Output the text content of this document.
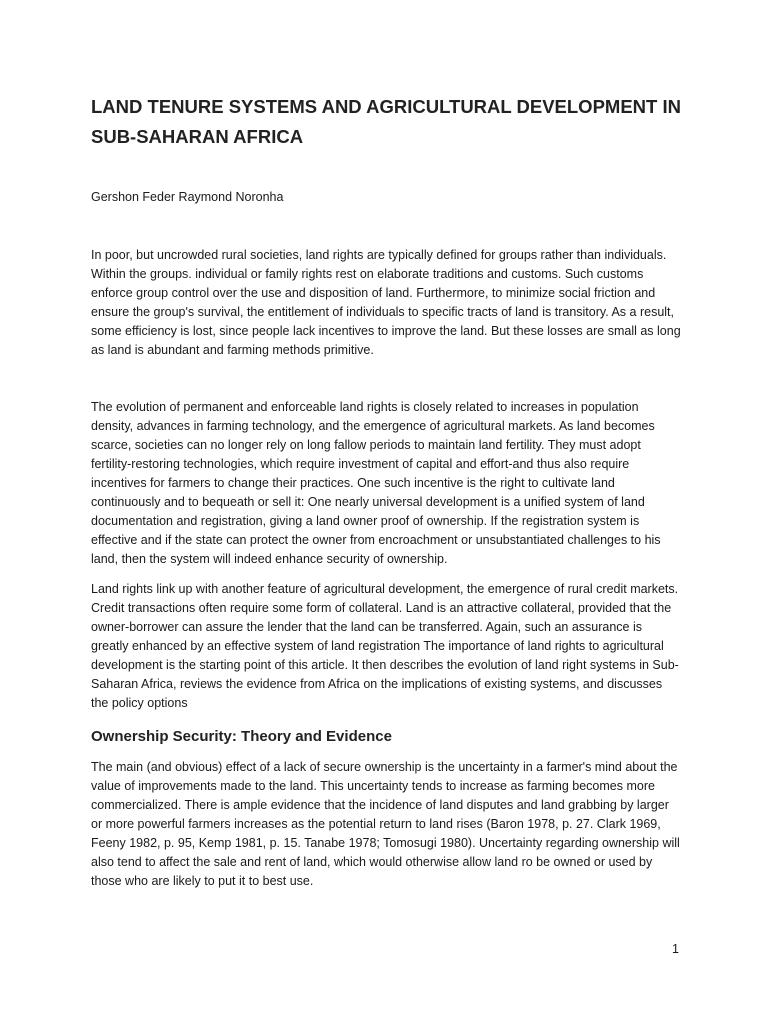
LAND TENURE SYSTEMS AND AGRICULTURAL DEVELOPMENT IN SUB-SAHARAN AFRICA

Gershon Feder Raymond Noronha

In poor, but uncrowded rural societies, land rights are typically defined for groups rather than individuals. Within the groups. individual or family rights rest on elaborate traditions and customs. Such customs enforce group control over the use and disposition of land. Furthermore, to minimize social friction and ensure the group's survival, the entitlement of individuals to specific tracts of land is transitory. As a result, some efficiency is lost, since people lack incentives to improve the land. But these losses are small as long as land is abundant and farming methods primitive.

The evolution of permanent and enforceable land rights is closely related to increases in population density, advances in farming technology, and the emergence of agricultural markets. As land becomes scarce, societies can no longer rely on long fallow periods to maintain land fertility. They must adopt fertility-restoring technologies, which require investment of capital and effort-and thus also require incentives for farmers to change their practices. One such incentive is the right to cultivate land continuously and to bequeath or sell it: One nearly universal development is a unified system of land documentation and registration, giving a land owner proof of ownership. If the registration system is effective and if the state can protect the owner from encroachment or unsubstantiated challenges to his land, then the system will indeed enhance security of ownership.

Land rights link up with another feature of agricultural development, the emergence of rural credit markets. Credit transactions often require some form of collateral. Land is an attractive collateral, provided that the owner-borrower can assure the lender that the land can be transferred. Again, such an assurance is greatly enhanced by an effective system of land registration The importance of land rights to agricultural development is the starting point of this article. It then describes the evolution of land right systems in Sub-Saharan Africa, reviews the evidence from Africa on the implications of existing systems, and discusses the policy options

Ownership Security: Theory and Evidence

The main (and obvious) effect of a lack of secure ownership is the uncertainty in a farmer's mind about the value of improvements made to the land. This uncertainty tends to increase as farming becomes more commercialized. There is ample evidence that the incidence of land disputes and land grabbing by larger or more powerful farmers increases as the potential return to land rises (Baron 1978, p. 27. Clark 1969, Feeny 1982, p. 95, Kemp 1981, p. 15. Tanabe 1978; Tomosugi 1980). Uncertainty regarding ownership will also tend to affect the sale and rent of land, which would otherwise allow land ro be owned or used by those who are likely to put it to best use.

1
